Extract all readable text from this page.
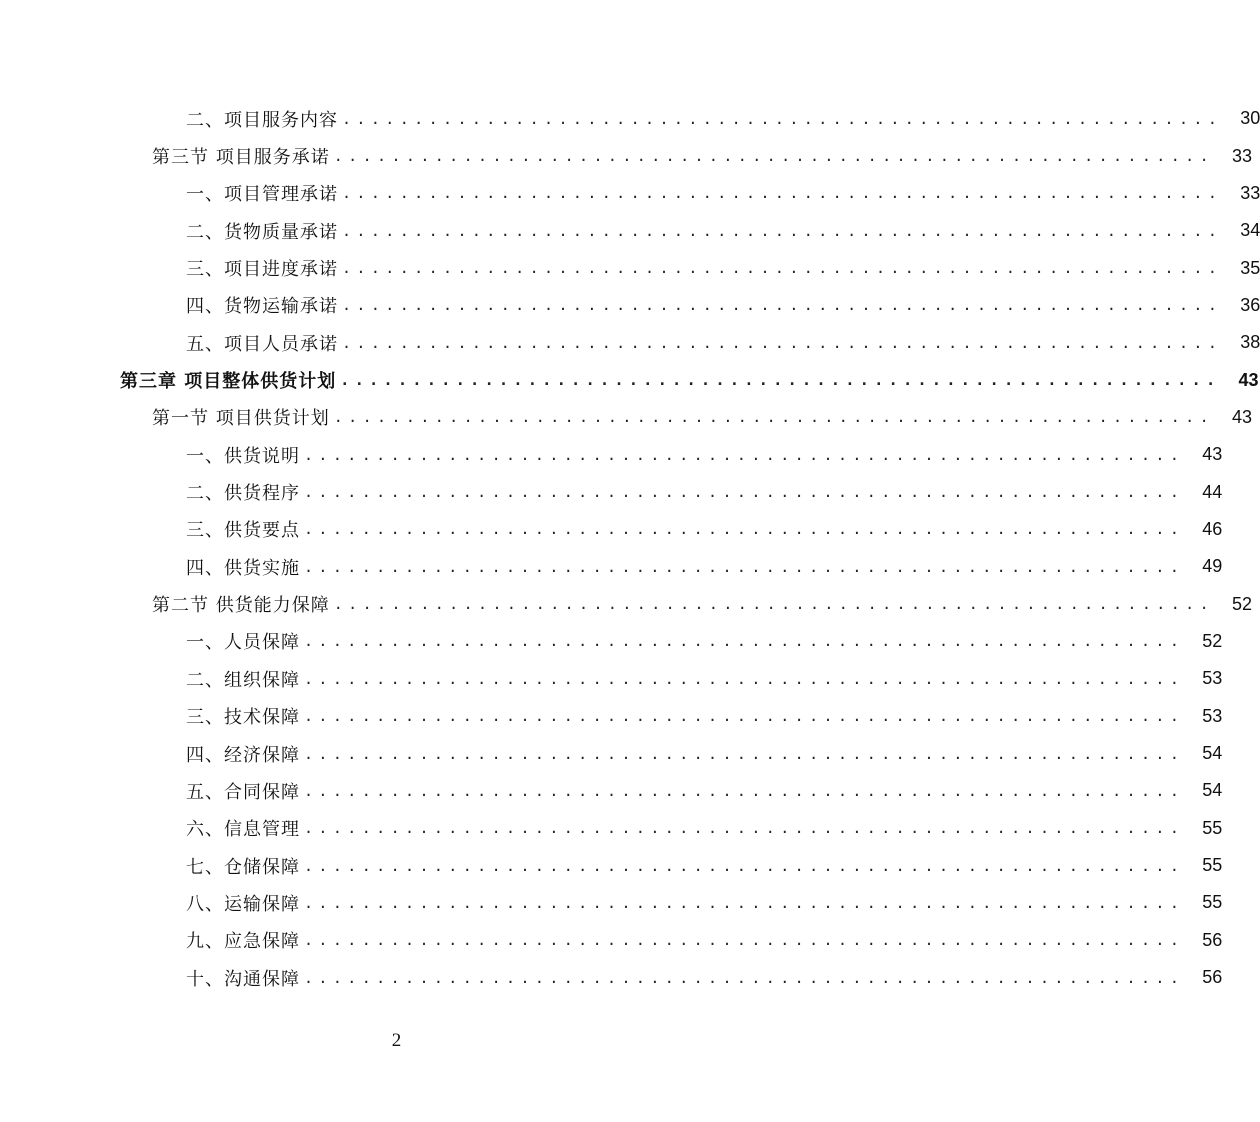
二、项目服务内容 ............................................................. 30
第三节 项目服务承诺 ............................................................. 33
一、项目管理承诺 ............................................................. 33
二、货物质量承诺 ............................................................. 34
三、项目进度承诺 ............................................................. 35
四、货物运输承诺 ............................................................. 36
五、项目人员承诺 ............................................................. 38
第三章 项目整体供货计划 ............................................................. 43
第一节 项目供货计划 ............................................................. 43
一、供货说明 ............................................................. 43
二、供货程序 ............................................................. 44
三、供货要点 ............................................................. 46
四、供货实施 ............................................................. 49
第二节 供货能力保障 ............................................................. 52
一、人员保障 ............................................................. 52
二、组织保障 ............................................................. 53
三、技术保障 ............................................................. 53
四、经济保障 ............................................................. 54
五、合同保障 ............................................................. 54
六、信息管理 ............................................................. 55
七、仓储保障 ............................................................. 55
八、运输保障 ............................................................. 55
九、应急保障 ............................................................. 56
十、沟通保障 ............................................................. 56
2
